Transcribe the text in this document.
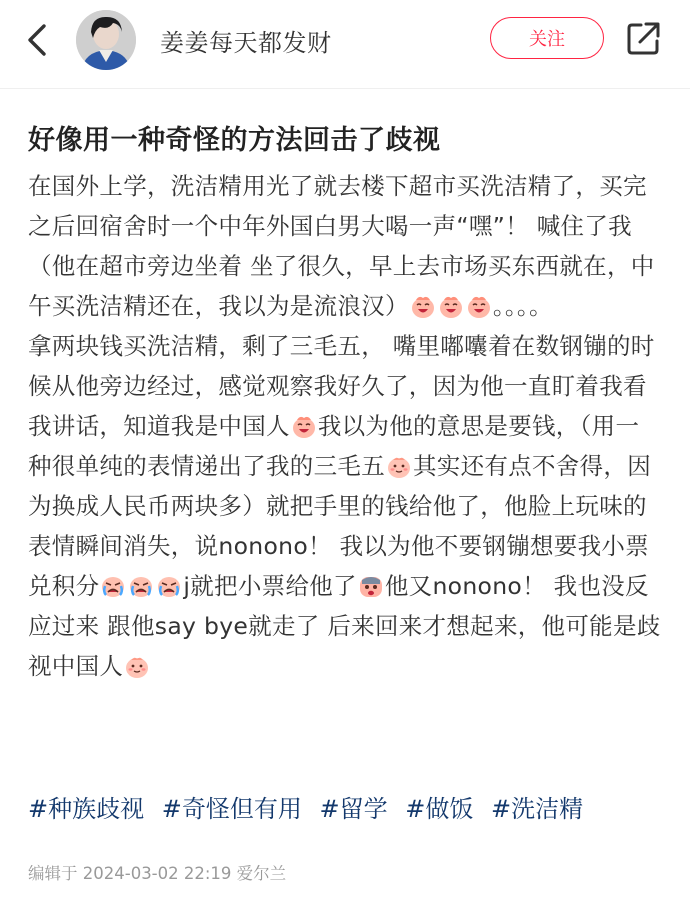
姜姜每天都发财	关注
好像用一种奇怪的方法回击了歧视

在国外上学，洗洁精用光了就去楼下超市买洗洁精了，买完之后回宿舍时一个中年外国白男大喝一声“嘿”！ 喊住了我（他在超市旁边坐着 坐了很久，早上去市场买东西就在，中午买洗洁精还在，我以为是流浪汉）	。。。。

拿两块钱买洗洁精，剩了三毛五， 嘴里嘟囔着在数钢镚的时候从他旁边经过，感觉观察我好久了，因为他一直盯着我看我讲话，知道我是中国人 我以为他的意思是要钱，（用一种很单纯的表情递出了我的三毛五 其实还有点不舍得，因为换成人民币两块多）就把手里的钱给他了，他脸上玩味的表情瞬间消失，说nonono！ 我以为他不要钢镚想要我小票兑积分	j就把小票给他了 他又nonono！ 我也没反应过来 跟他say bye就走了 后来回来才想起来，他可能是歧视中国人

#种族歧视 #奇怪但有用 #留学 #做饭 #洗洁精
编辑于 2024-03-02 22:19 爱尔兰
